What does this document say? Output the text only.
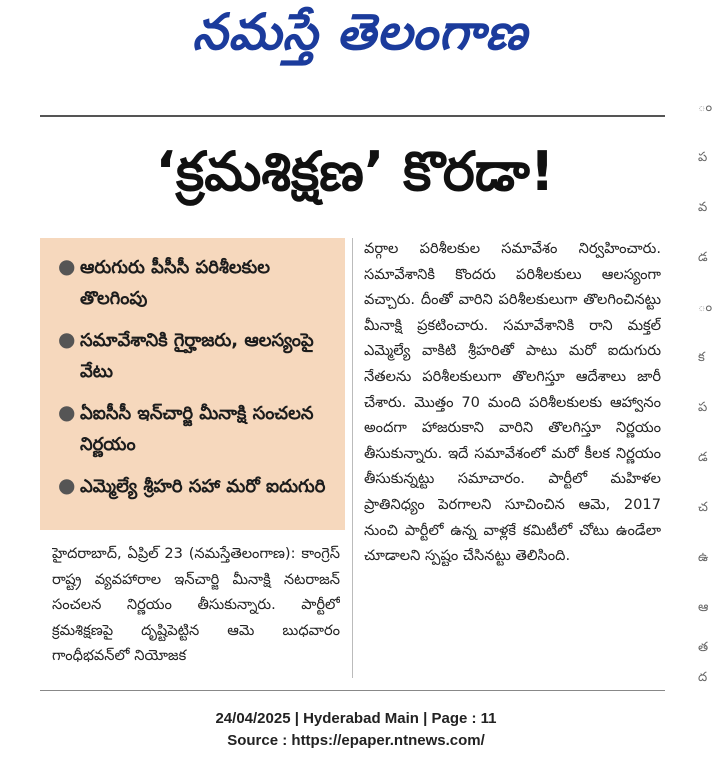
నమస్తే తెలంగాణ
ం
ప
వ
డ
ం
క
ప
డ
చ
ఉ
ఆ
త
ద
‘క్రమశిక్షణ’ కొరడా!
● ఆరుగురు పీసీసీ పరిశీలకుల తొలగింపు
● సమావేశానికి గైర్హాజరు, ఆలస్యంపై వేటు
● ఏఐసీసీ ఇన్‌చార్జి మీనాక్షి సంచలన నిర్ణయం
● ఎమ్మెల్యే శ్రీహరి సహా మరో ఐదుగురి

హైదరాబాద్, ఏప్రిల్ 23 (నమస్తేతెలంగాణ): కాంగ్రెస్ రాష్ట్ర వ్యవహారాల ఇన్‌చార్జి మీనాక్షి నటరాజన్ సంచలన నిర్ణయం తీసుకున్నారు. పార్టీలో క్రమశిక్షణపై దృష్టిపెట్టిన ఆమె బుధవారం గాంధీభవన్‌లో నియోజక

వర్గాల పరిశీలకుల సమావేశం నిర్వహించారు. సమావేశానికి కొందరు పరిశీలకులు ఆలస్యంగా వచ్చారు. దీంతో వారిని పరిశీలకులుగా తొలగించినట్టు మీనాక్షి ప్రకటించారు. సమావేశానికి రాని మక్తల్ ఎమ్మెల్యే వాకిటి శ్రీహరితో పాటు మరో ఐదుగురు నేతలను పరిశీలకులుగా తొలగిస్తూ ఆదేశాలు జారీ చేశారు. మొత్తం 70 మంది పరిశీలకులకు ఆహ్వానం అందగా హాజరుకాని వారిని తొలగిస్తూ నిర్ణయం తీసుకున్నారు. ఇదే సమావేశంలో మరో కీలక నిర్ణయం తీసుకున్నట్టు సమాచారం. పార్టీలో మహిళల ప్రాతినిధ్యం పెరగాలని సూచించిన ఆమె, 2017 నుంచి పార్టీలో ఉన్న వాళ్లకే కమిటీలో చోటు ఉండేలా చూడాలని స్పష్టం చేసినట్టు తెలిసింది.

24/04/2025 | Hyderabad Main | Page : 11
Source : https://epaper.ntnews.com/
